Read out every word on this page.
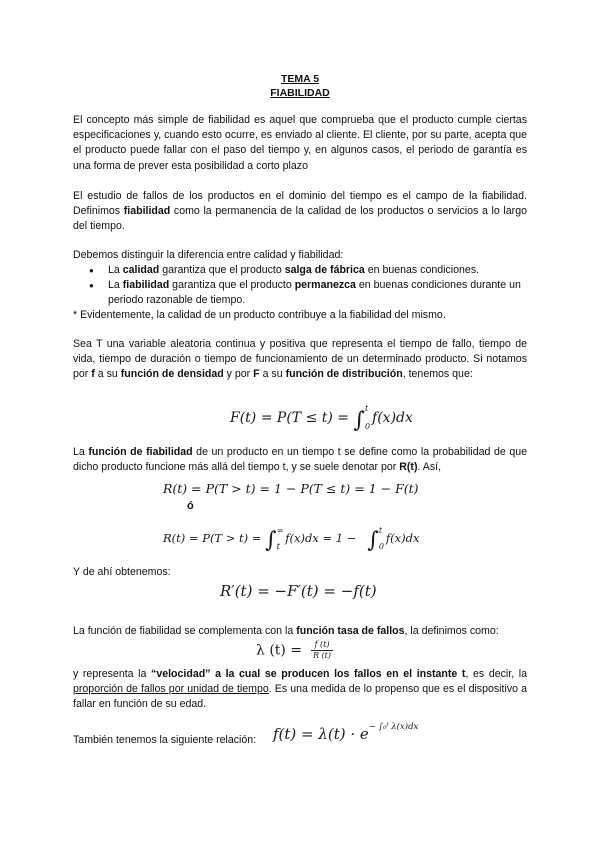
TEMA 5
FIABILIDAD

El concepto más simple de fiabilidad es aquel que comprueba que el producto cumple ciertas especificaciones y, cuando esto ocurre, es enviado al cliente. El cliente, por su parte, acepta que el producto puede fallar con el paso del tiempo y, en algunos casos, el periodo de garantía es una forma de prever esta posibilidad a corto plazo

El estudio de fallos de los productos en el dominio del tiempo es el campo de la fiabilidad. Definimos fiabilidad como la permanencia de la calidad de los productos o servicios a lo largo del tiempo.

Debemos distinguir la diferencia entre calidad y fiabilidad:

● La calidad garantiza que el producto salga de fábrica en buenas condiciones.
● La fiabilidad garantiza que el producto permanezca en buenas condiciones durante un periodo razonable de tiempo.

* Evidentemente, la calidad de un producto contribuye a la fiabilidad del mismo.

Sea T una variable aleatoria continua y positiva que representa el tiempo de fallo, tiempo de vida, tiempo de duración o tiempo de funcionamiento de un determinado producto. Si notamos por f a su función de densidad y por F a su función de distribución, tenemos que:

F(t) = P(T ≤ t) = ∫ t
0
f(x)dx

La función de fiabilidad de un producto en un tiempo t se define como la probabilidad de que dicho producto funcione más allá del tiempo t, y se suele denotar por R(t). Así,

R(t) = P(T > t) = 1 − P(T ≤ t) = 1 − F(t)
ó
R(t) = P(T > t) = ∫ ∞
t
f(x)dx = 1 − ∫ t
0
f(x)dx

Y de ahí obtenemos:

R′(t) = −F′(t) = −f(t)

La función de fiabilidad se complementa con la función tasa de fallos, la definimos como:

λ $(t) = \frac{f (t)}{R (t)}$

y representa la “velocidad” a la cual se producen los fallos en el instante t, es decir, la proporción de fallos por unidad de tiempo. Es una medida de lo propenso que es el dispositivo a fallar en función de su edad.

También tenemos la siguiente relación:	$f(t) = \lambda(t) \cdot e^{- \int_0ᵗ \lambda(x)dx}$
